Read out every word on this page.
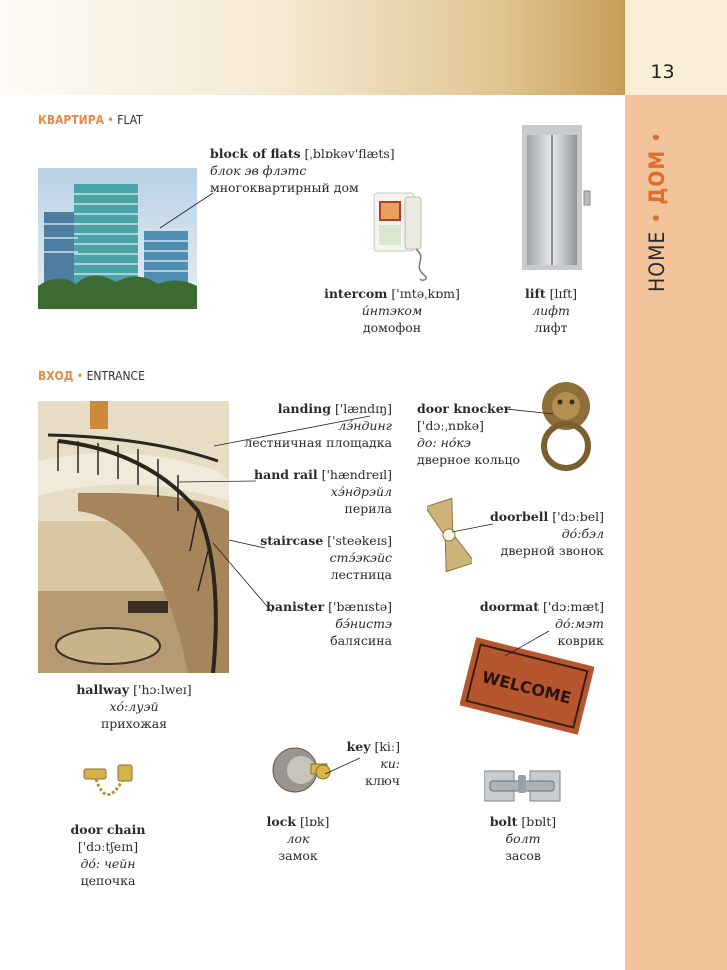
13
HOME • ДОМ •
КВАРТИРА • FLAT
ВХОД • ENTRANCE
WELCOME
block of flats [ˌblɒkəv'flæts]
блок эв флэтс
многоквартирный дом
intercom ['ɪntəˌkɒm]
и́нтэком
домофон
lift [lɪft]
лифт
лифт
landing ['lændɪŋ]
лэ́ндинг
лестничная площадка
hand rail ['hændreɪl]
хэ́ндрэйл
перила
staircase ['steəkeɪs]
стэ́экэйс
лестница
banister ['bænɪstə]
бэ́нистэ
балясина
hallway ['hɔːlweɪ]
хо́:луэй
прихожая
door knocker
['dɔːˌnɒkə]
до: но́кэ
дверное кольцо
doorbell ['dɔːbel]
до́:бэл
дверной звонок
doormat ['dɔːmæt]
до́:мэт
коврик
door chain
['dɔːtʃeɪn]
до́: чейн
цепочка
key [kiː]
ки:
ключ
lock [lɒk]
лок
замок
bolt [bɒlt]
болт
засов
